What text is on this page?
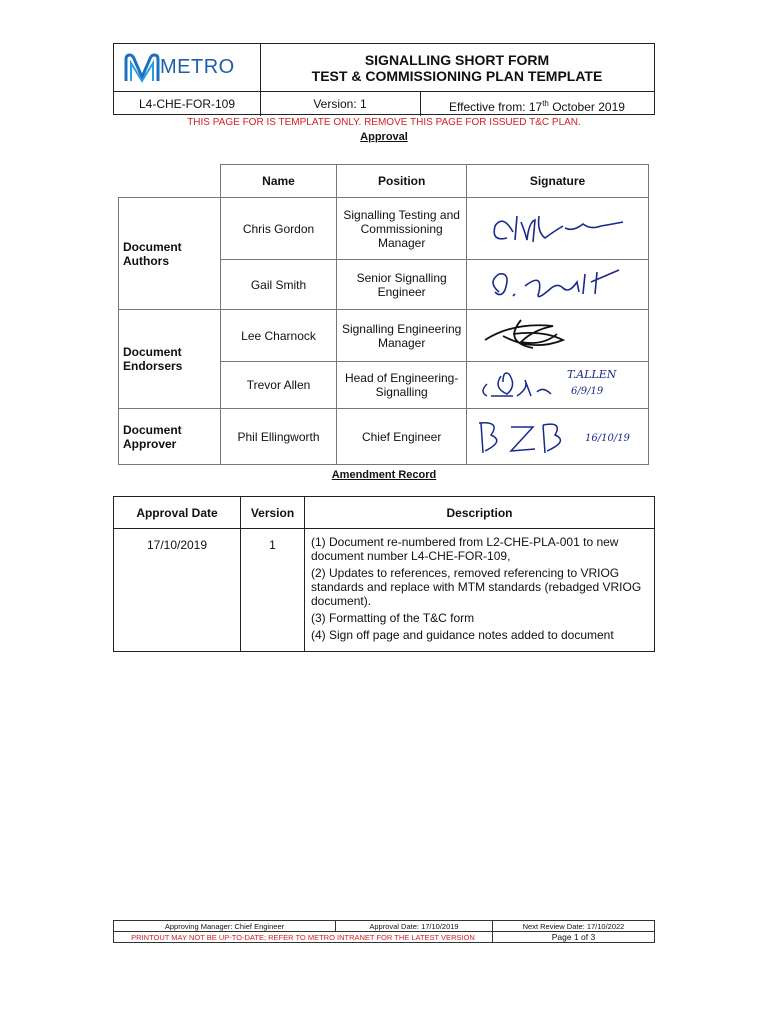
METRO	SIGNALLING SHORT FORM
TEST & COMMISSIONING PLAN TEMPLATE
L4-CHE-FOR-109	Version: 1	Effective from: 17th October 2019
THIS PAGE FOR IS TEMPLATE ONLY. REMOVE THIS PAGE FOR ISSUED T&C PLAN.
Approval
	Name	Position	Signature
Document Authors	Chris Gordon	Signalling Testing and Commissioning Manager	
	Gail Smith	Senior Signalling Engineer	
Document Endorsers	Lee Charnock	Signalling Engineering Manager	
	Trevor Allen	Head of Engineering-Signalling	T.ALLEN
6/9/19

Document Approver	Phil Ellingworth	Chief Engineer	16/10/19
Amendment Record
Approval Date	Version	Description
17/10/2019	1	(1) Document re-numbered from L2-CHE-PLA-001 to new document number L4-CHE-FOR-109,

(2) Updates to references, removed referencing to VRIOG standards and replace with MTM standards (rebadged VRIOG document).

(3) Formatting of the T&C form

(4) Sign off page and guidance notes added to document

Approving Manager: Chief Engineer	Approval Date: 17/10/2019	Next Review Date: 17/10/2022
PRINTOUT MAY NOT BE UP-TO-DATE; REFER TO METRO INTRANET FOR THE LATEST VERSION		Page 1 of 3
